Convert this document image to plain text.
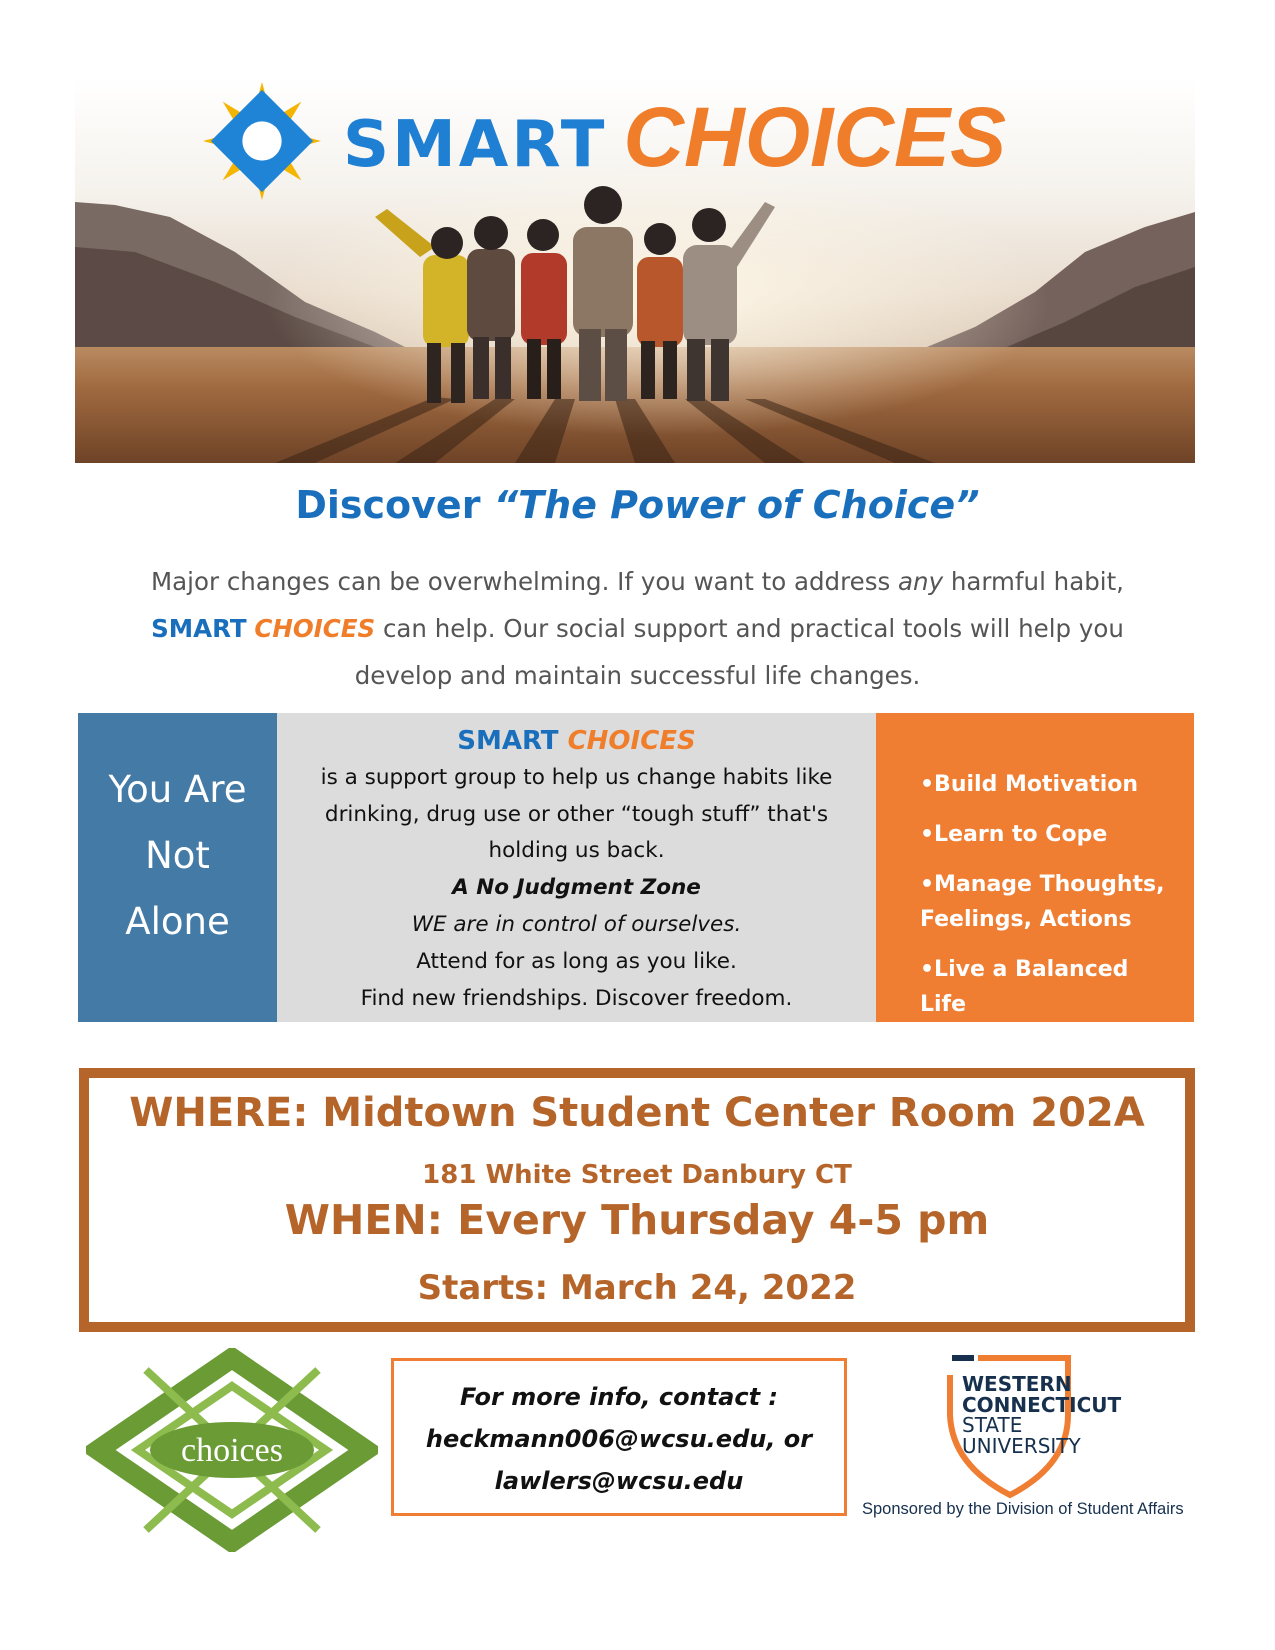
SMART CHOICES
Discover “The Power of Choice”
Major changes can be overwhelming. If you want to address any harmful habit,
SMART CHOICES can help. Our social support and practical tools will help you
develop and maintain successful life changes.
You Are
Not
Alone
SMART CHOICES
is a support group to help us change habits like
drinking, drug use or other “tough stuff” that's
holding us back.
A No Judgment Zone
WE are in control of ourselves.
Attend for as long as you like.
Find new friendships. Discover freedom.
•Build Motivation
•Learn to Cope
•Manage Thoughts, Feelings, Actions
•Live a Balanced Life
WHERE: Midtown Student Center Room 202A
181 White Street Danbury CT
WHEN: Every Thursday 4-5 pm
Starts: March 24, 2022
choices
For more info, contact :
heckmann006@wcsu.edu, or
lawlers@wcsu.edu
WESTERN
CONNECTICUT
STATE
UNIVERSITY
Sponsored by the Division of Student Affairs
